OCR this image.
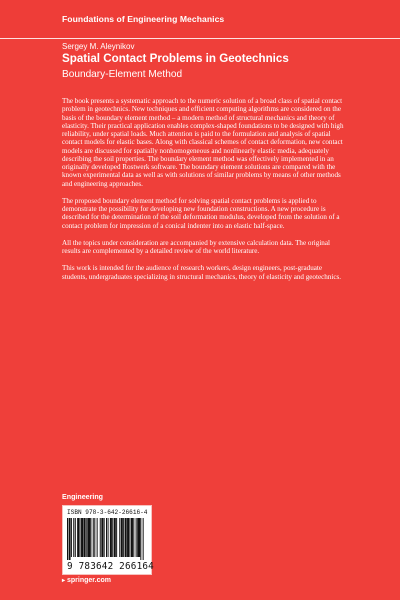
Foundations of Engineering Mechanics
Sergey M. Aleynikov
Spatial Contact Problems in Geotechnics
Boundary-Element Method

The book presents a systematic approach to the numeric solution of a broad class of spatial contact problem in geotechnics. New techniques and efficient computing algorithms are considered on the basis of the boundary element method – a modern method of structural mechanics and theory of elasticity. Their practical application enables complex-shaped foundations to be designed with high reliability, under spatial loads. Much attention is paid to the formulation and analysis of spatial contact models for elastic bases. Along with classical schemes of contact deformation, new contact models are discussed for spatially nonhomogeneous and nonlinearly elastic media, adequately describing the soil properties. The boundary element method was effectively implemented in an originally developed Rostwerk software. The boundary element solutions are compared with the known experimental data as well as with solutions of similar problems by means of other methods and engineering approaches.

The proposed boundary element method for solving spatial contact problems is applied to demonstrate the possibility for developing new foundation constructions. A new procedure is described for the determination of the soil deformation modulus, developed from the solution of a contact problem for impression of a conical indenter into an elastic half-space.

All the topics under consideration are accompanied by extensive calculation data. The original results are complemented by a detailed review of the world literature.

This work is intended for the audience of research workers, design engineers, post-graduate students, undergraduates specializing in structural mechanics, theory of elasticity and geotechnics.

Engineering
ISBN 978-3-642-26616-4
9 783642 266164
▸ springer.com
